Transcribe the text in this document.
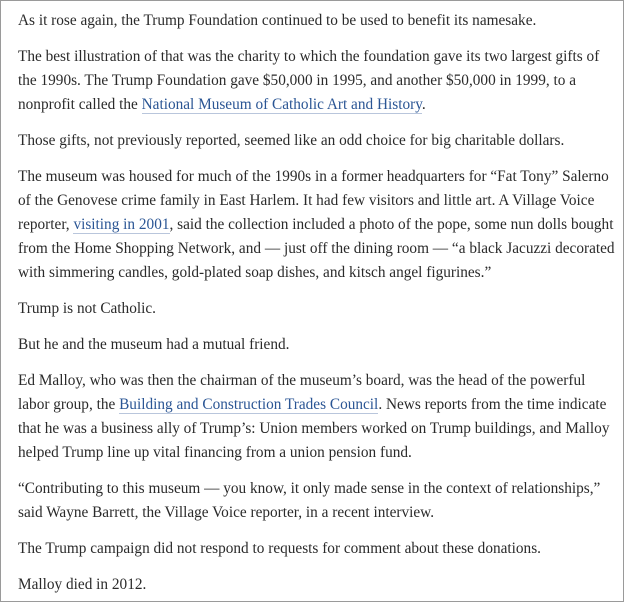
As it rose again, the Trump Foundation continued to be used to benefit its namesake.

The best illustration of that was the charity to which the foundation gave its two largest gifts of the 1990s. The Trump Foundation gave $50,000 in 1995, and another $50,000 in 1999, to a nonprofit called the National Museum of Catholic Art and History.

Those gifts, not previously reported, seemed like an odd choice for big charitable dollars.

The museum was housed for much of the 1990s in a former headquarters for “Fat Tony” Salerno of the Genovese crime family in East Harlem. It had few visitors and little art. A Village Voice reporter, visiting in 2001, said the collection included a photo of the pope, some nun dolls bought from the Home Shopping Network, and — just off the dining room — “a black Jacuzzi decorated with simmering candles, gold-plated soap dishes, and kitsch angel figurines.”

Trump is not Catholic.

But he and the museum had a mutual friend.

Ed Malloy, who was then the chairman of the museum’s board, was the head of the powerful labor group, the Building and Construction Trades Council. News reports from the time indicate that he was a business ally of Trump’s: Union members worked on Trump buildings, and Malloy helped Trump line up vital financing from a union pension fund.

“Contributing to this museum — you know, it only made sense in the context of relationships,” said Wayne Barrett, the Village Voice reporter, in a recent interview.

The Trump campaign did not respond to requests for comment about these donations.

Malloy died in 2012.
